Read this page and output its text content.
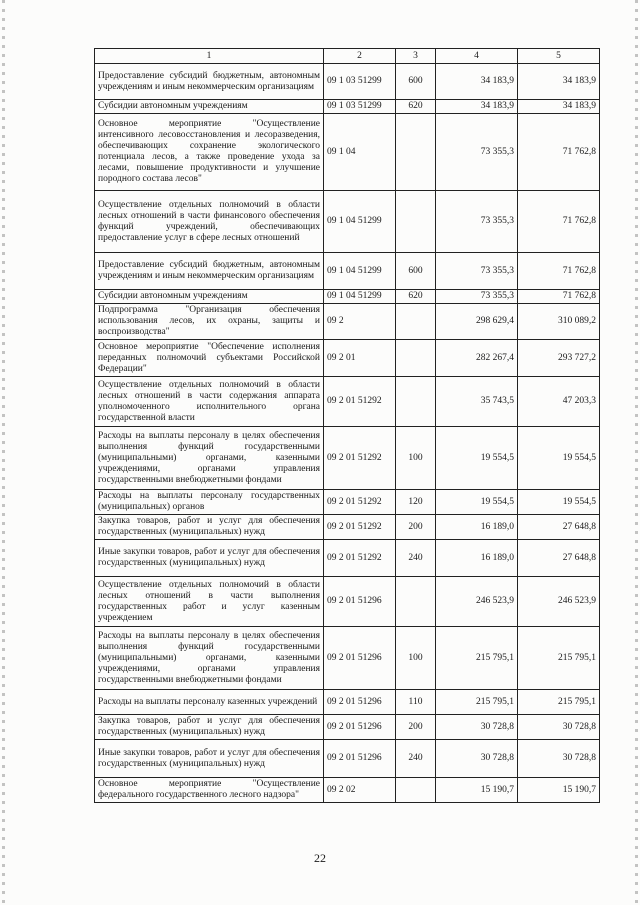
1	2	3	4	5
Предоставление субсидий бюджетным, автономным учреждениям и иным некоммерческим организациям	09 1 03 51299	600	34 183,9	34 183,9
Субсидии автономным учреждениям	09 1 03 51299	620	34 183,9	34 183,9
Основное мероприятие "Осуществление интенсивного лесовосстановления и лесоразведения, обеспечивающих сохранение экологического потенциала лесов, а также проведение ухода за лесами, повышение продуктивности и улучшение породного состава лесов"	09 1 04		73 355,3	71 762,8
Осуществление отдельных полномочий в области лесных отношений в части финансового обеспечения функций учреждений, обеспечивающих предоставление услуг в сфере лесных отношений	09 1 04 51299		73 355,3	71 762,8
Предоставление субсидий бюджетным, автономным учреждениям и иным некоммерческим организациям	09 1 04 51299	600	73 355,3	71 762,8
Субсидии автономным учреждениям	09 1 04 51299	620	73 355,3	71 762,8
Подпрограмма "Организация обеспечения использования лесов, их охраны, защиты и воспроизводства"	09 2		298 629,4	310 089,2
Основное мероприятие "Обеспечение исполнения переданных полномочий субъектами Российской Федерации"	09 2 01		282 267,4	293 727,2
Осуществление отдельных полномочий в области лесных отношений в части содержания аппарата уполномоченного исполнительного органа государственной власти	09 2 01 51292		35 743,5	47 203,3
Расходы на выплаты персоналу в целях обеспечения выполнения функций государственными (муниципальными) органами, казенными учреждениями, органами управления государственными внебюджетными фондами	09 2 01 51292	100	19 554,5	19 554,5
Расходы на выплаты персоналу государственных (муниципальных) органов	09 2 01 51292	120	19 554,5	19 554,5
Закупка товаров, работ и услуг для обеспечения государственных (муниципальных) нужд	09 2 01 51292	200	16 189,0	27 648,8
Иные закупки товаров, работ и услуг для обеспечения государственных (муниципальных) нужд	09 2 01 51292	240	16 189,0	27 648,8
Осуществление отдельных полномочий в области лесных отношений в части выполнения государственных работ и услуг казенным учреждением	09 2 01 51296		246 523,9	246 523,9
Расходы на выплаты персоналу в целях обеспечения выполнения функций государственными (муниципальными) органами, казенными учреждениями, органами управления государственными внебюджетными фондами	09 2 01 51296	100	215 795,1	215 795,1
Расходы на выплаты персоналу казенных учреждений	09 2 01 51296	110	215 795,1	215 795,1
Закупка товаров, работ и услуг для обеспечения государственных (муниципальных) нужд	09 2 01 51296	200	30 728,8	30 728,8
Иные закупки товаров, работ и услуг для обеспечения государственных (муниципальных) нужд	09 2 01 51296	240	30 728,8	30 728,8
Основное мероприятие "Осуществление федерального государственного лесного надзора"	09 2 02		15 190,7	15 190,7
22
